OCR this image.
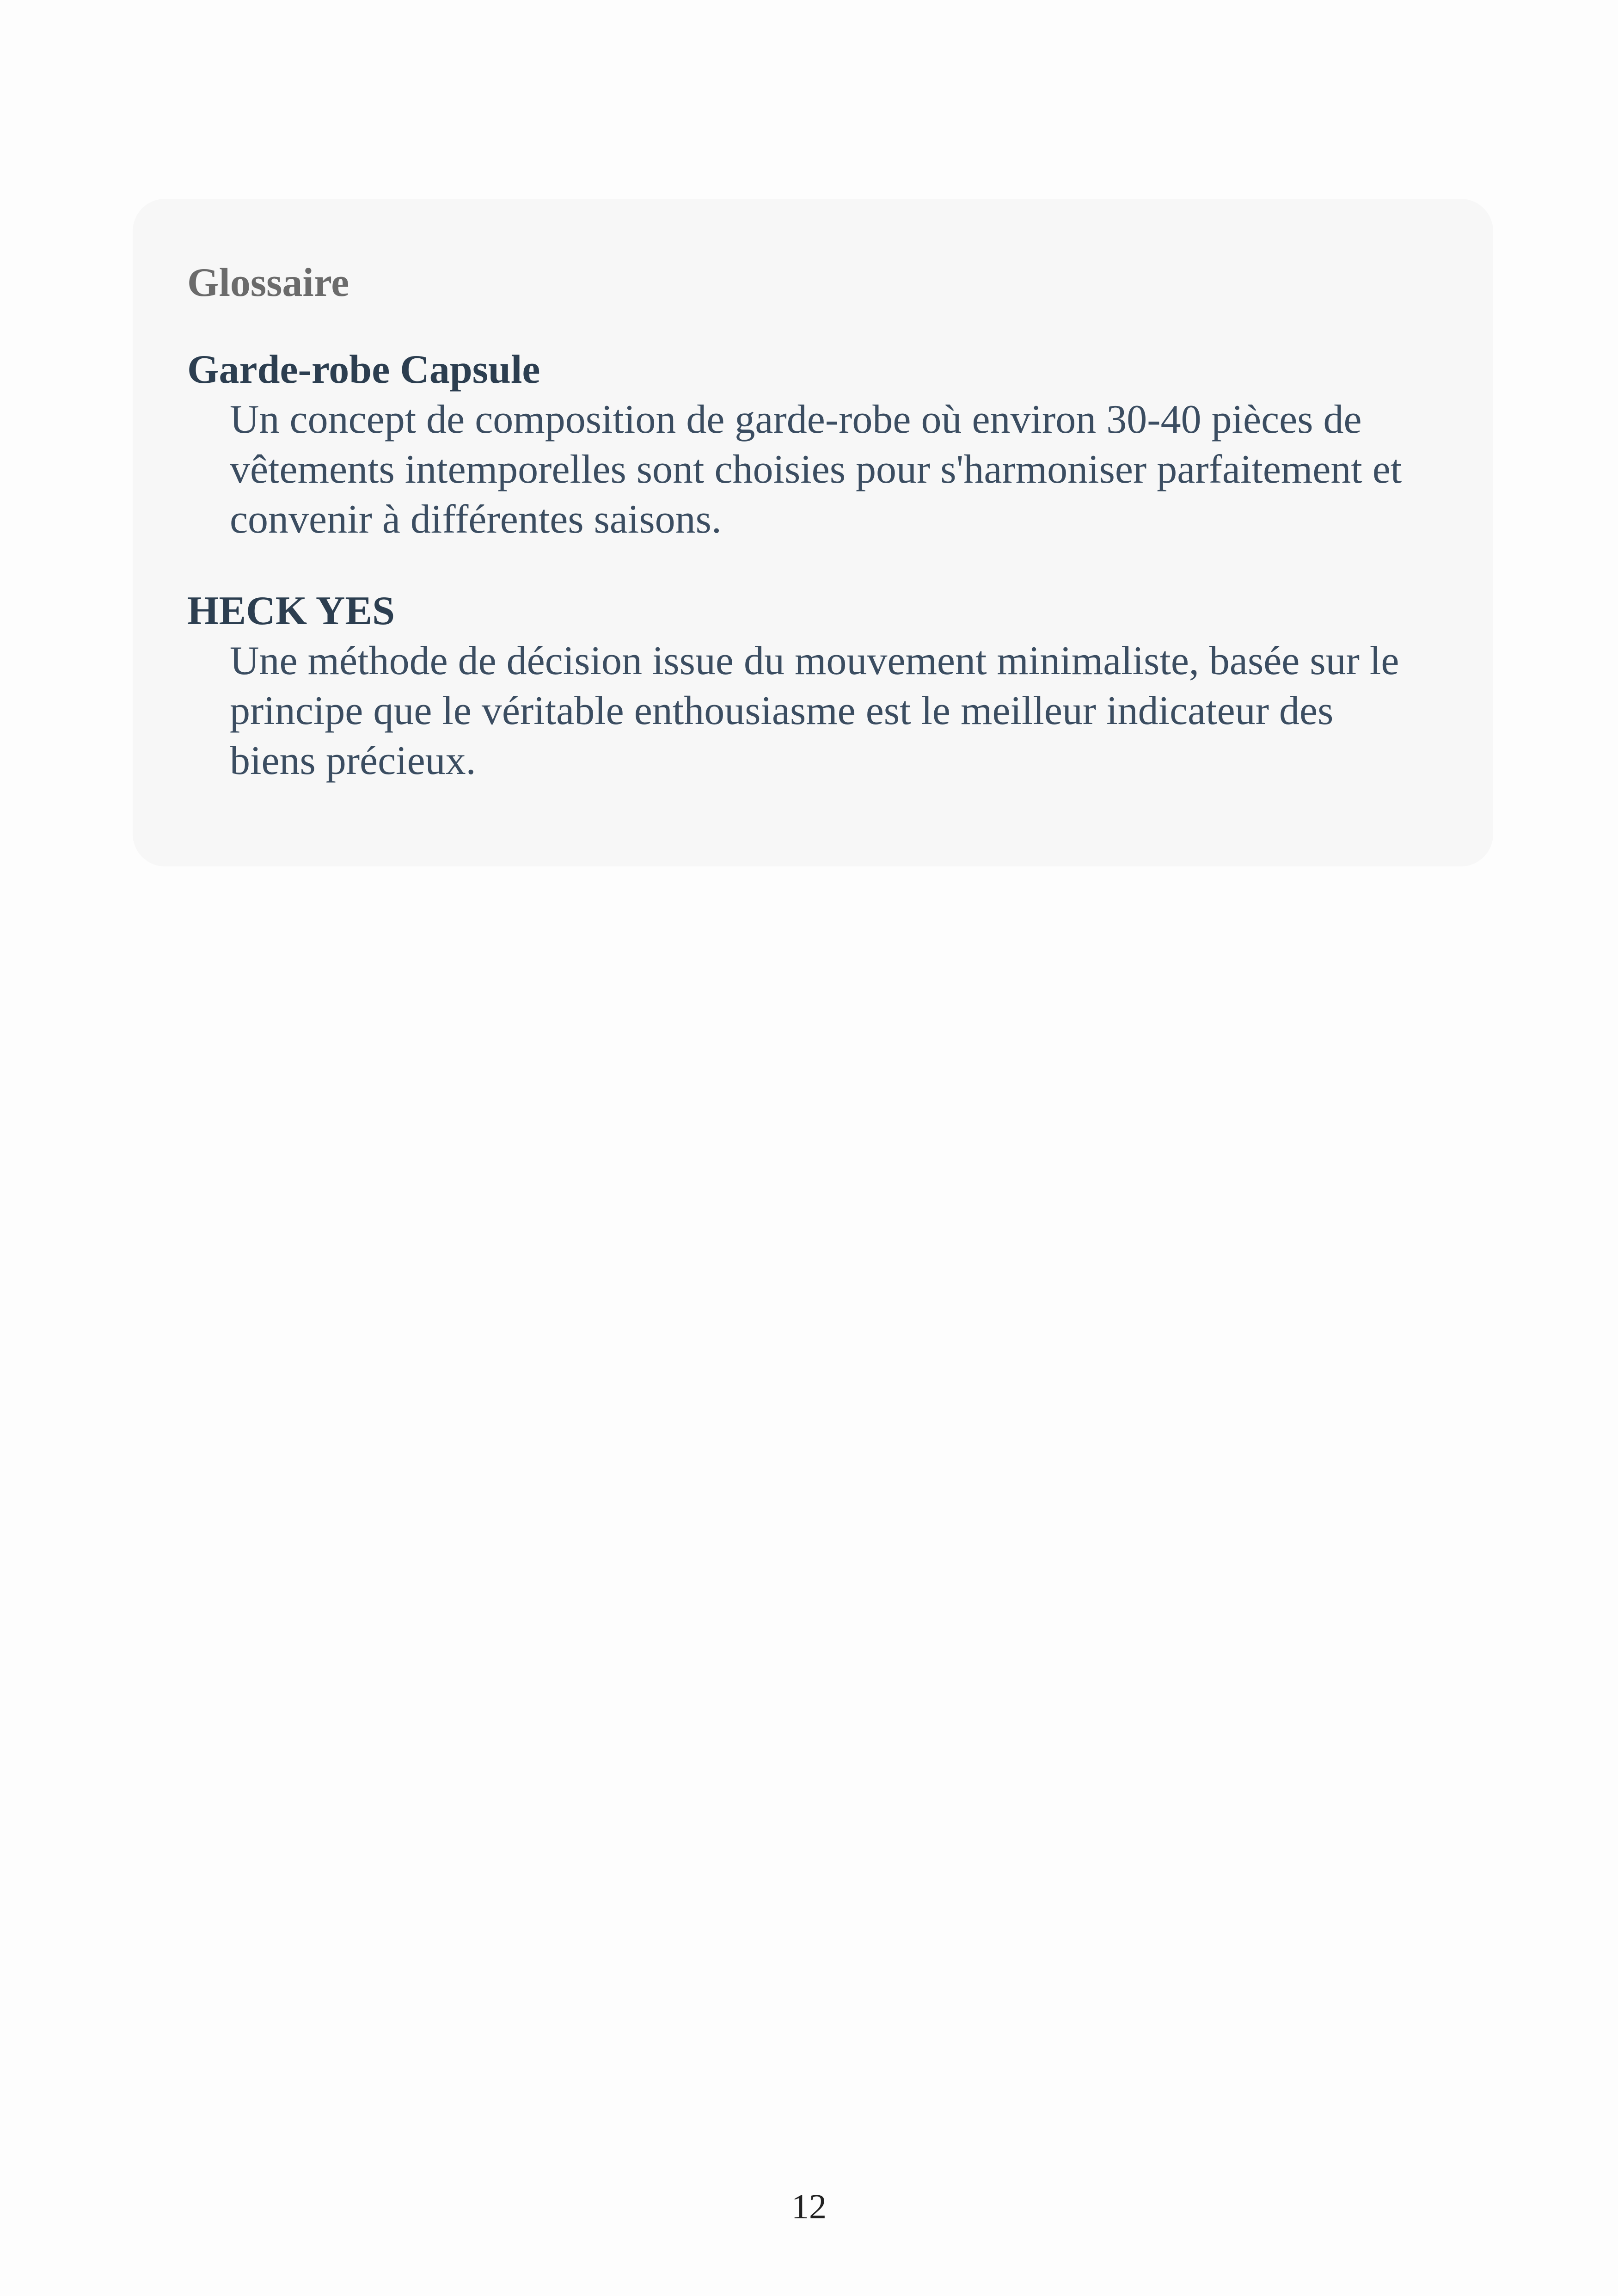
Glossaire

Garde-robe Capsule

Un concept de composition de garde-robe où environ 30-40 pièces de vêtements intemporelles sont choisies pour s'harmoniser parfaitement et convenir à différentes saisons.

HECK YES

Une méthode de décision issue du mouvement minimaliste, basée sur le principe que le véritable enthousiasme est le meilleur indicateur des biens précieux.

12
